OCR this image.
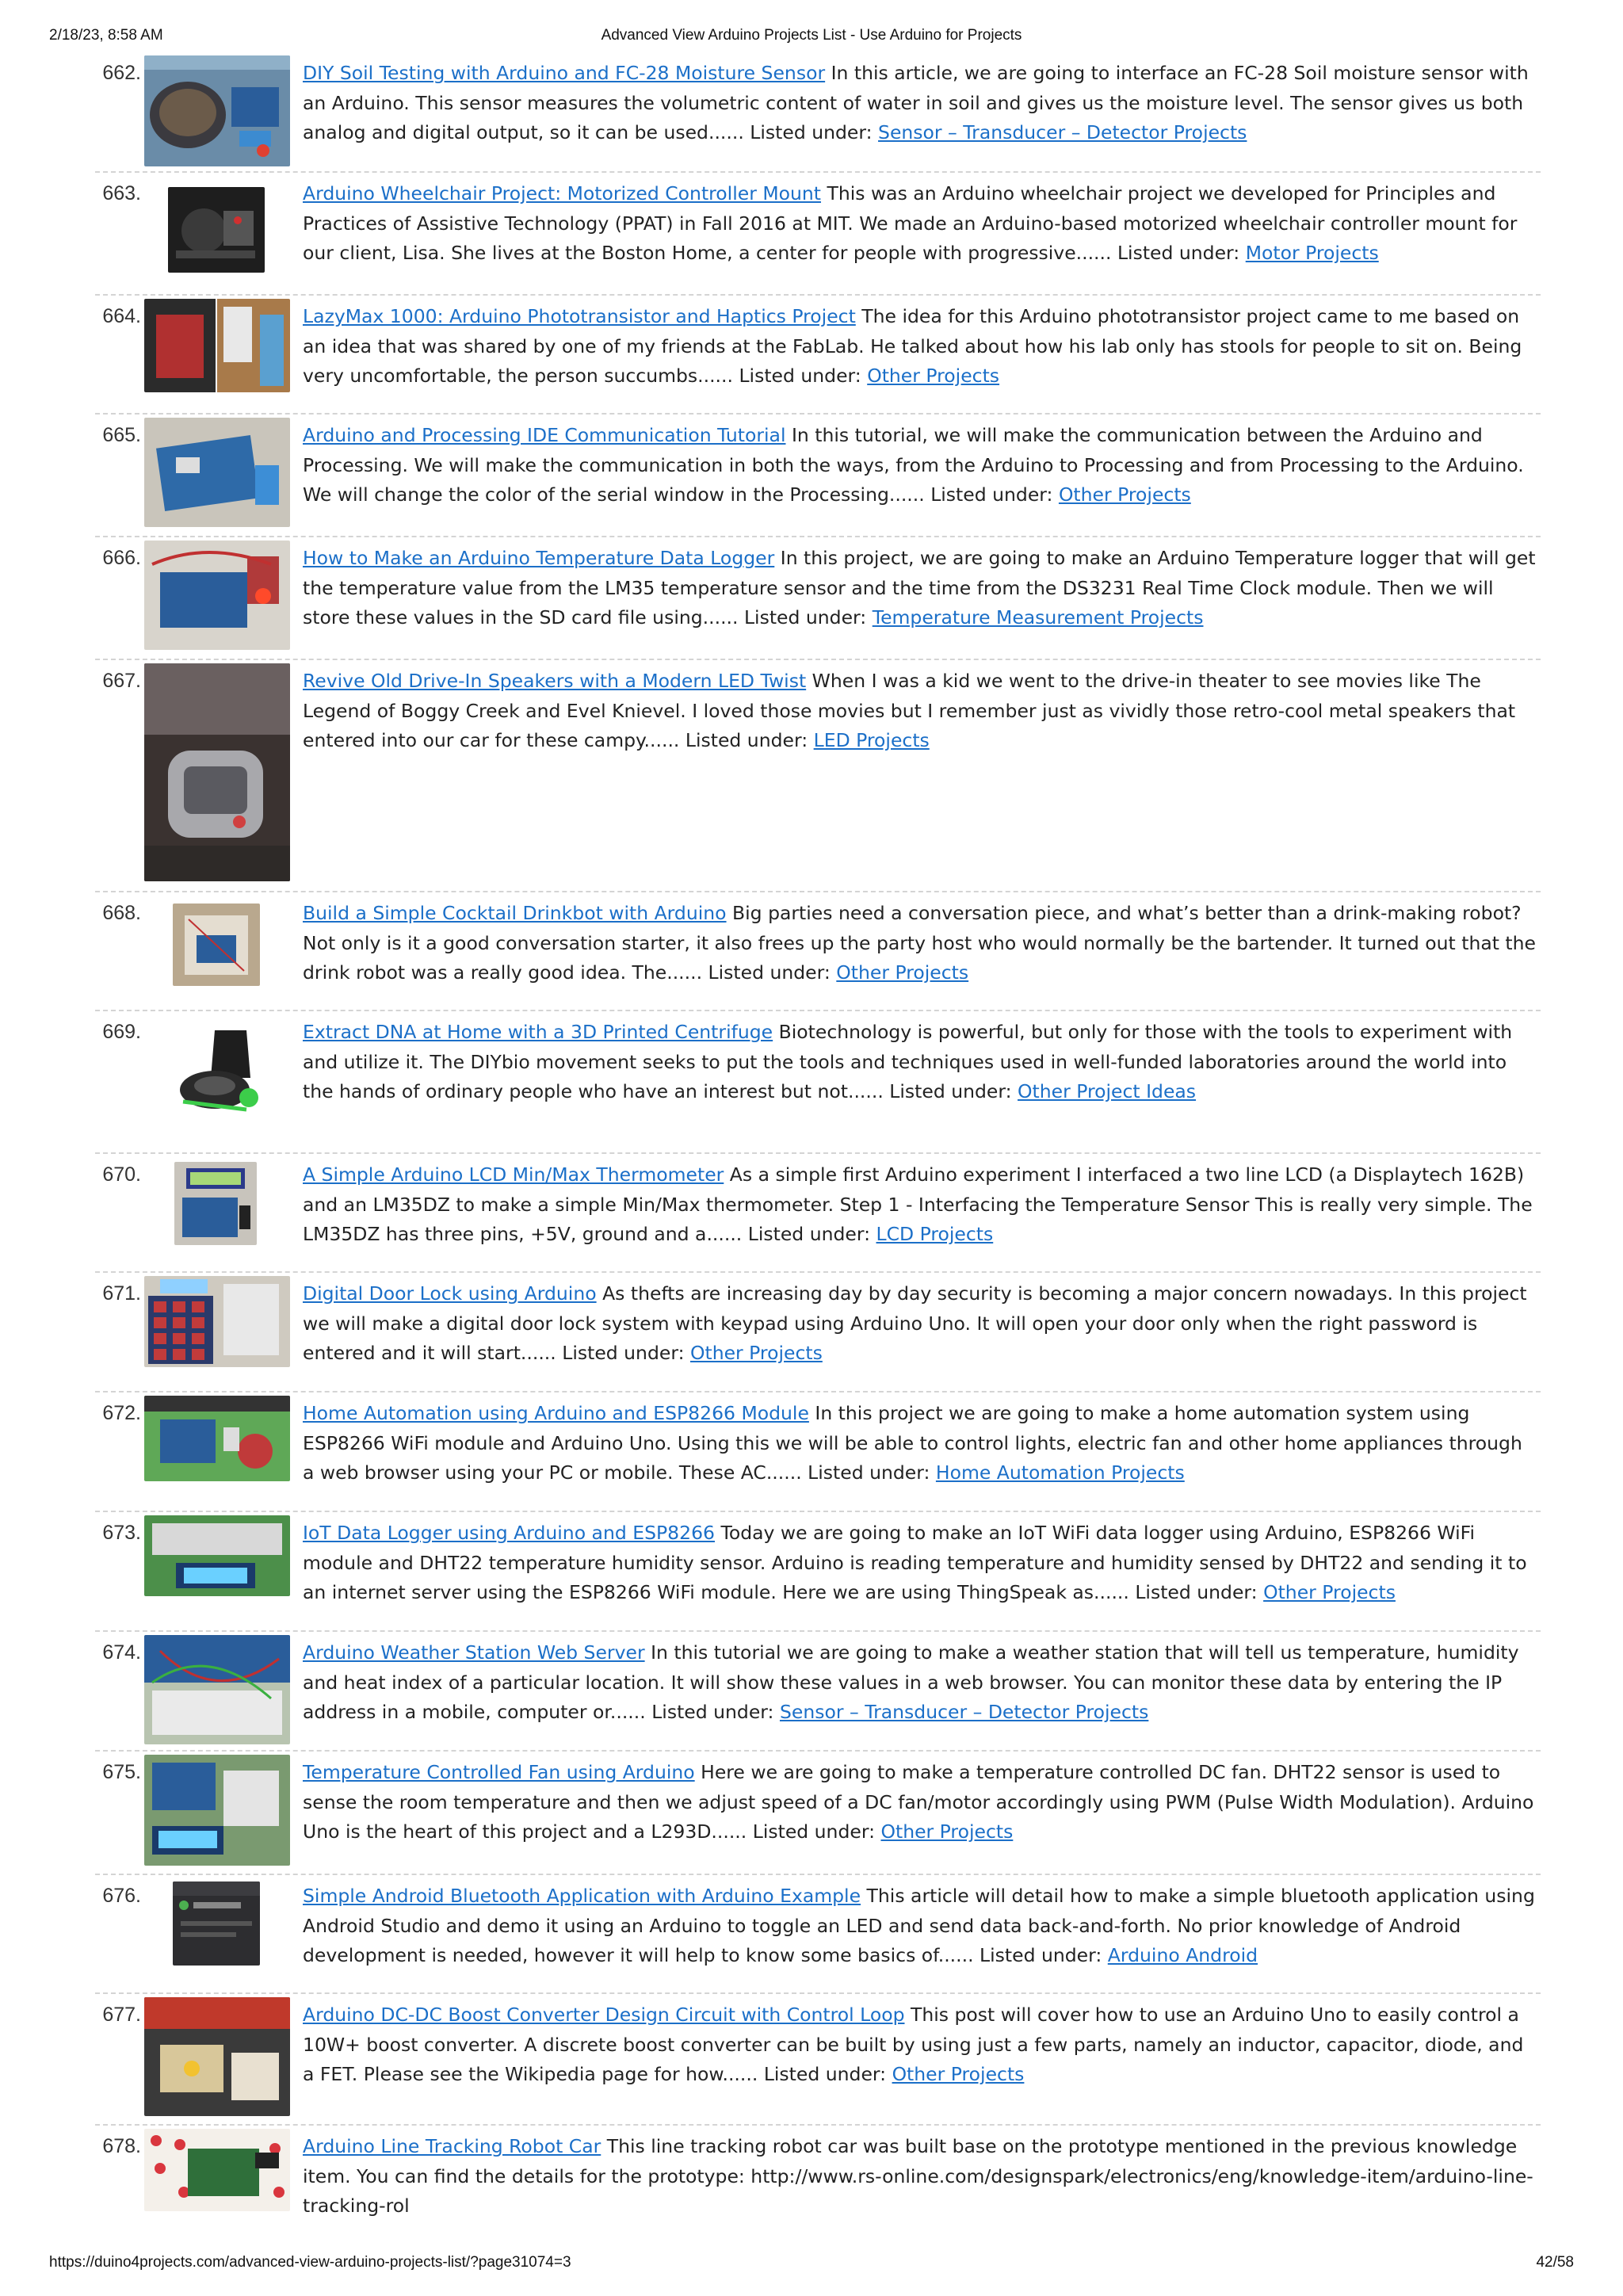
2/18/23, 8:58 AM	Advanced View Arduino Projects List - Use Arduino for Projects
662.	DIY Soil Testing with Arduino and FC-28 Moisture Sensor In this article, we are going to interface an FC-28 Soil moisture sensor with an Arduino. This sensor measures the volumetric content of water in soil and gives us the moisture level. The sensor gives us both analog and digital output, so it can be used...... Listed under: Sensor – Transducer – Detector Projects
663.	Arduino Wheelchair Project: Motorized Controller Mount This was an Arduino wheelchair project we developed for Principles and Practices of Assistive Technology (PPAT) in Fall 2016 at MIT. We made an Arduino-based motorized wheelchair controller mount for our client, Lisa. She lives at the Boston Home, a center for people with progressive...... Listed under: Motor Projects
664.	LazyMax 1000: Arduino Phototransistor and Haptics Project The idea for this Arduino phototransistor project came to me based on an idea that was shared by one of my friends at the FabLab. He talked about how his lab only has stools for people to sit on. Being very uncomfortable, the person succumbs...... Listed under: Other Projects
665.	Arduino and Processing IDE Communication Tutorial In this tutorial, we will make the communication between the Arduino and Processing. We will make the communication in both the ways, from the Arduino to Processing and from Processing to the Arduino. We will change the color of the serial window in the Processing...... Listed under: Other Projects
666.	How to Make an Arduino Temperature Data Logger In this project, we are going to make an Arduino Temperature logger that will get the temperature value from the LM35 temperature sensor and the time from the DS3231 Real Time Clock module. Then we will store these values in the SD card file using...... Listed under: Temperature Measurement Projects
667.	Revive Old Drive-In Speakers with a Modern LED Twist When I was a kid we went to the drive-in theater to see movies like The Legend of Boggy Creek and Evel Knievel. I loved those movies but I remember just as vividly those retro-cool metal speakers that entered into our car for these campy...... Listed under: LED Projects
668.	Build a Simple Cocktail Drinkbot with Arduino Big parties need a conversation piece, and what’s better than a drink-making robot? Not only is it a good conversation starter, it also frees up the party host who would normally be the bartender. It turned out that the drink robot was a really good idea. The...... Listed under: Other Projects
669.	Extract DNA at Home with a 3D Printed Centrifuge Biotechnology is powerful, but only for those with the tools to experiment with and utilize it. The DIYbio movement seeks to put the tools and techniques used in well-funded laboratories around the world into the hands of ordinary people who have an interest but not...... Listed under: Other Project Ideas
670.	A Simple Arduino LCD Min/Max Thermometer As a simple first Arduino experiment I interfaced a two line LCD (a Displaytech 162B) and an LM35DZ to make a simple Min/Max thermometer. Step 1 - Interfacing the Temperature Sensor This is really very simple. The LM35DZ has three pins, +5V, ground and a...... Listed under: LCD Projects
671.	Digital Door Lock using Arduino As thefts are increasing day by day security is becoming a major concern nowadays. In this project we will make a digital door lock system with keypad using Arduino Uno. It will open your door only when the right password is entered and it will start...... Listed under: Other Projects
672.	Home Automation using Arduino and ESP8266 Module In this project we are going to make a home automation system using ESP8266 WiFi module and Arduino Uno. Using this we will be able to control lights, electric fan and other home appliances through a web browser using your PC or mobile. These AC...... Listed under: Home Automation Projects
673.	IoT Data Logger using Arduino and ESP8266 Today we are going to make an IoT WiFi data logger using Arduino, ESP8266 WiFi module and DHT22 temperature humidity sensor. Arduino is reading temperature and humidity sensed by DHT22 and sending it to an internet server using the ESP8266 WiFi module. Here we are using ThingSpeak as...... Listed under: Other Projects
674.	Arduino Weather Station Web Server In this tutorial we are going to make a weather station that will tell us temperature, humidity and heat index of a particular location. It will show these values in a web browser. You can monitor these data by entering the IP address in a mobile, computer or...... Listed under: Sensor – Transducer – Detector Projects
675.	Temperature Controlled Fan using Arduino Here we are going to make a temperature controlled DC fan. DHT22 sensor is used to sense the room temperature and then we adjust speed of a DC fan/motor accordingly using PWM (Pulse Width Modulation). Arduino Uno is the heart of this project and a L293D...... Listed under: Other Projects
676.	Simple Android Bluetooth Application with Arduino Example This article will detail how to make a simple bluetooth application using Android Studio and demo it using an Arduino to toggle an LED and send data back-and-forth. No prior knowledge of Android development is needed, however it will help to know some basics of...... Listed under: Arduino Android
677.	Arduino DC-DC Boost Converter Design Circuit with Control Loop This post will cover how to use an Arduino Uno to easily control a 10W+ boost converter. A discrete boost converter can be built by using just a few parts, namely an inductor, capacitor, diode, and a FET. Please see the Wikipedia page for how...... Listed under: Other Projects
678.	Arduino Line Tracking Robot Car This line tracking robot car was built base on the prototype mentioned in the previous knowledge item. You can find the details for the prototype: http://www.rs-online.com/designspark/electronics/eng/knowledge-item/arduino-line-tracking-rol
https://duino4projects.com/advanced-view-arduino-projects-list/?page31074=3	42/58
